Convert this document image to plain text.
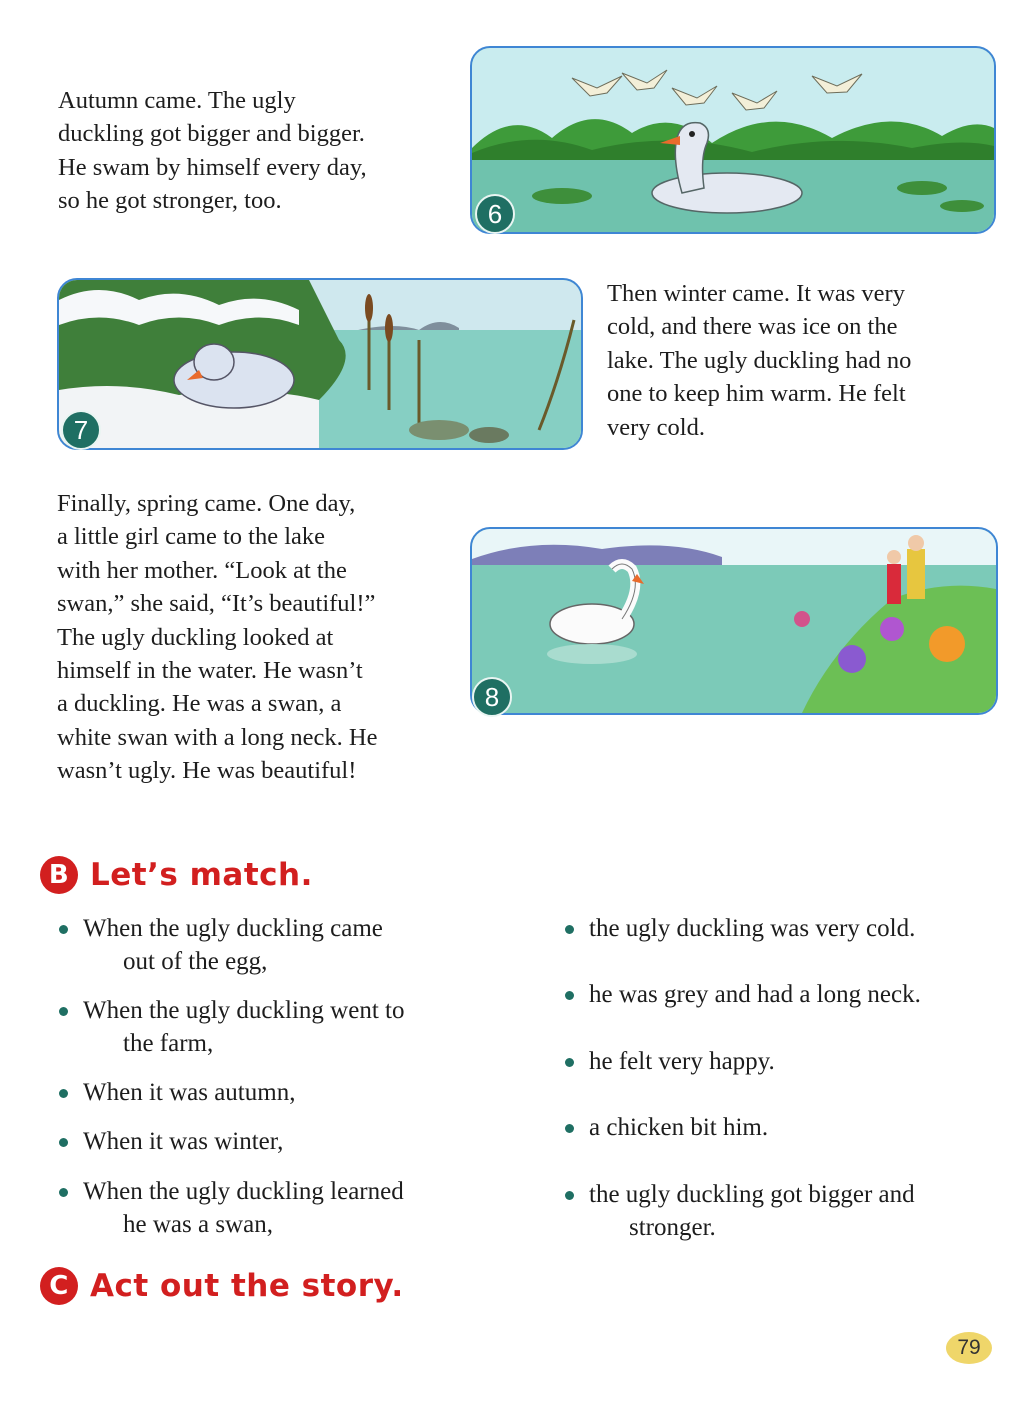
Autumn came. The ugly
duckling got bigger and bigger.
He swam by himself every day,
so he got stronger, too.	6
7

Then winter came. It was very
cold, and there was ice on the
lake. The ugly duckling had no
one to keep him warm. He felt
very cold.

Finally, spring came. One day,
a little girl came to the lake
with her mother. “Look at the
swan,” she said, “It’s beautiful!”
The ugly duckling looked at
himself in the water. He wasn’t
a duckling. He was a swan, a
white swan with a long neck. He
wasn’t ugly. He was beautiful!

8
B Let’s match.
When the ugly duckling came
out of the egg,
When the ugly duckling went to
the farm,
When it was autumn,
When it was winter,
When the ugly duckling learned
he was a swan,
the ugly duckling was very cold.
he was grey and had a long neck.
he felt very happy.
a chicken bit him.
the ugly duckling got bigger and
stronger.
C Act out the story.
79
